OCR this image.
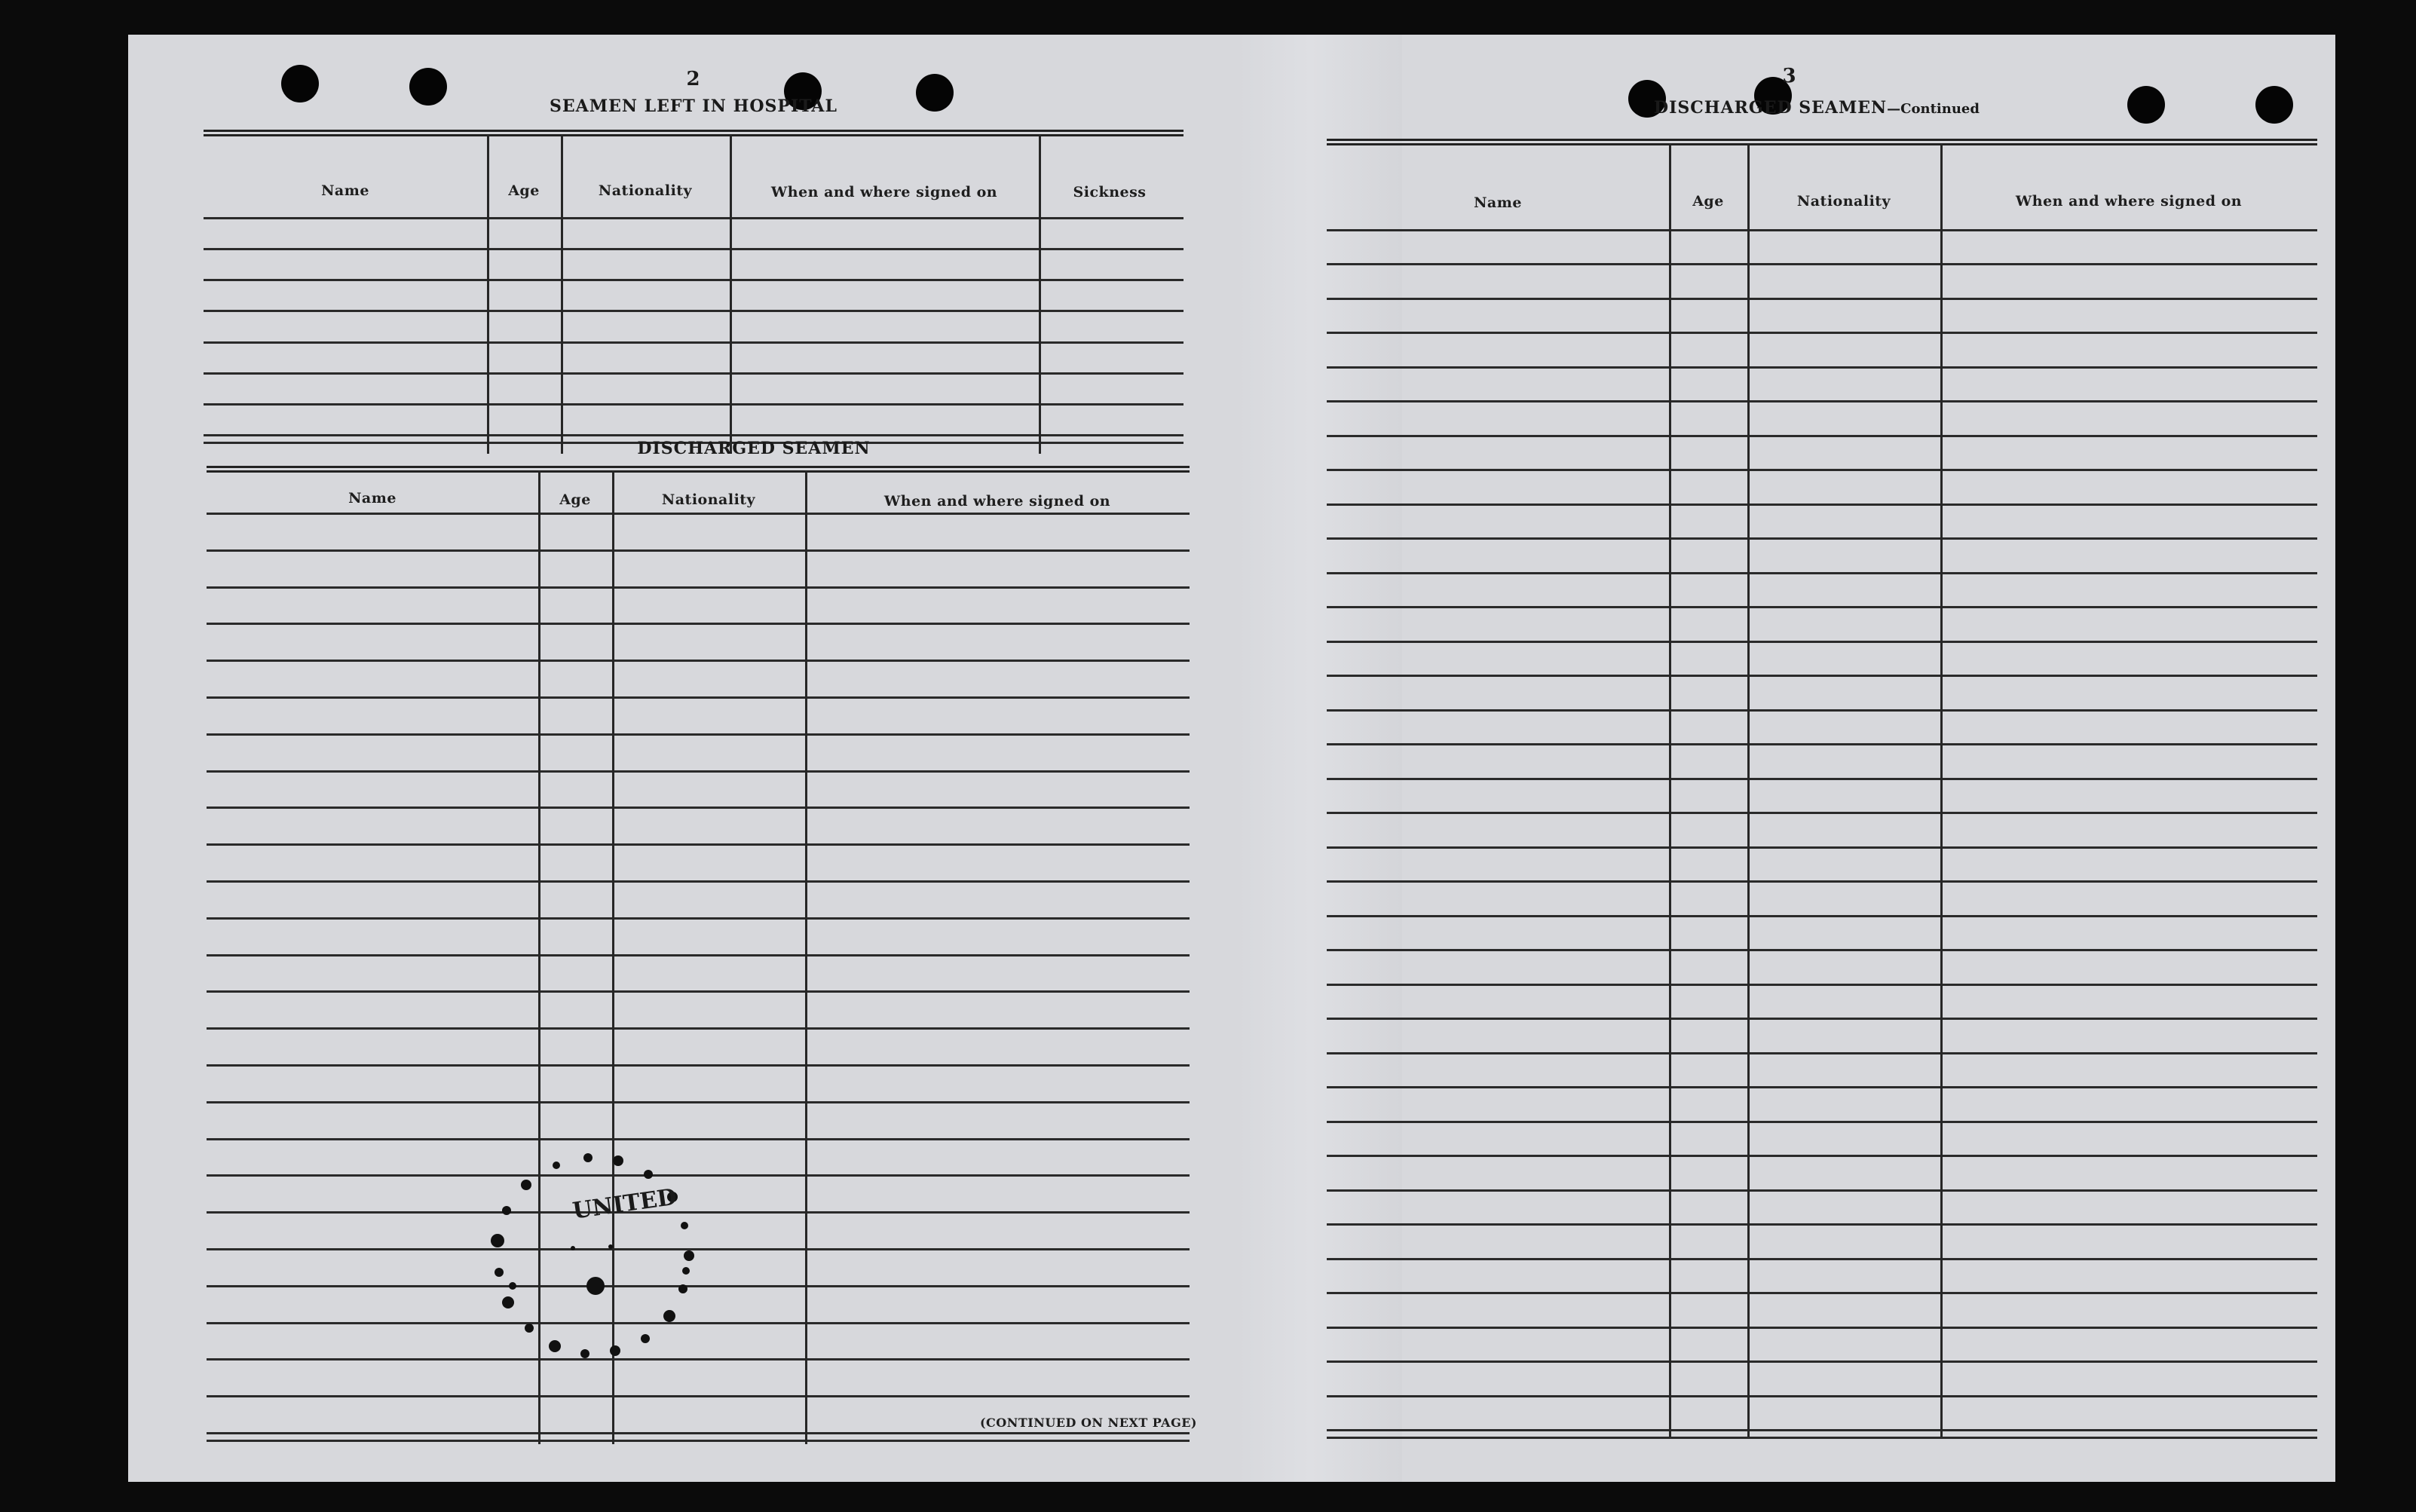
2
SEAMEN LEFT IN HOSPITAL
Name	Age	Nationality	When and where signed on	Sickness
DISCHARGED SEAMEN
Name	Age	Nationality	When and where signed on
(CONTINUED ON NEXT PAGE)
UNITED
3
DISCHARGED SEAMEN—Continued
Name	Age	Nationality	When and where signed on
